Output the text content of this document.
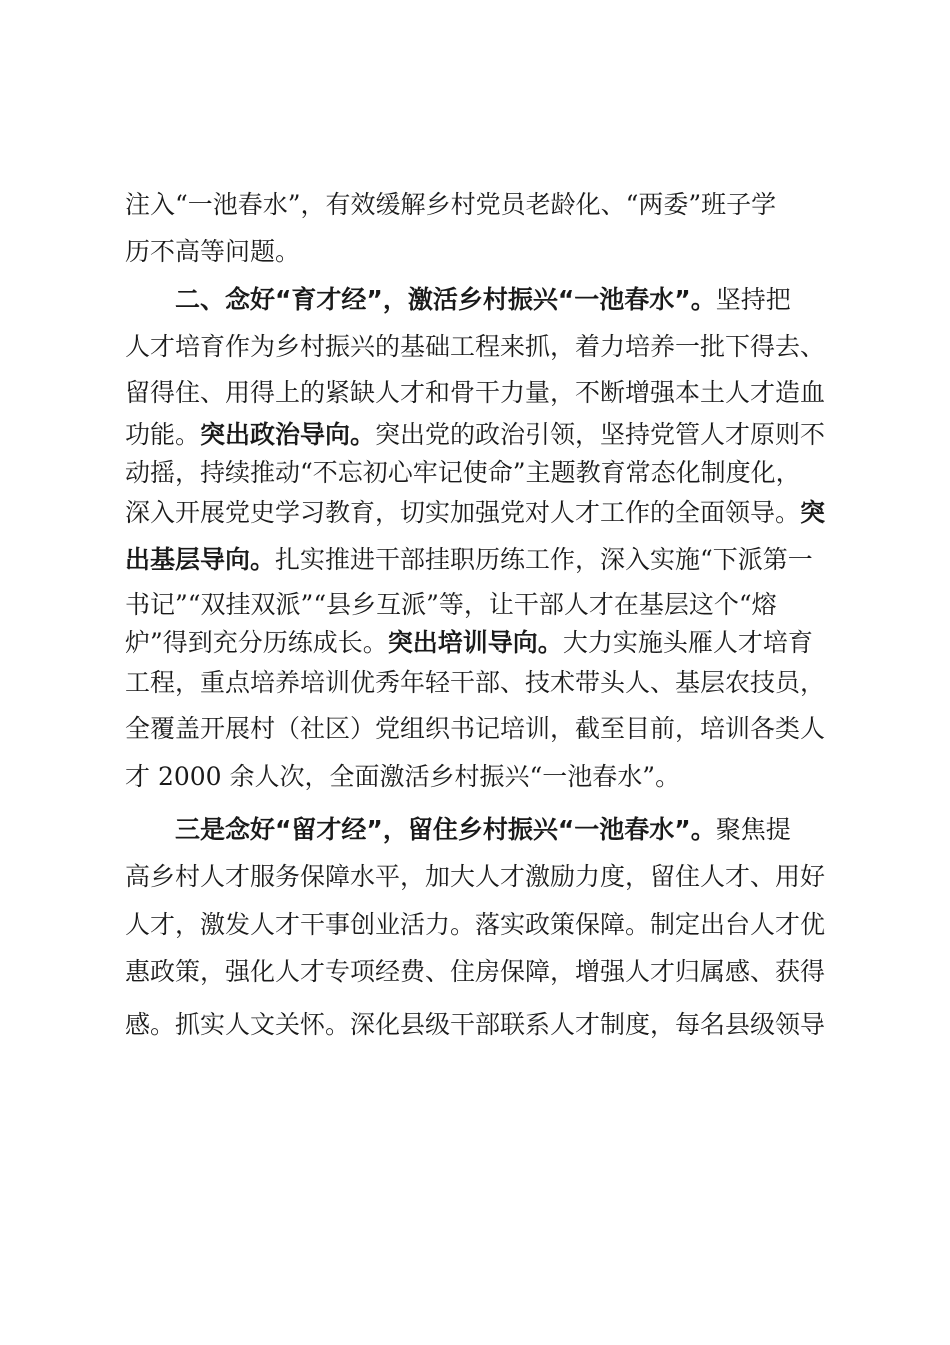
注入“一池春水”，有效缓解乡村党员老龄化、“两委”班子学
历不高等问题。
二、念好“育才经”，激活乡村振兴“一池春水”。坚持把
人才培育作为乡村振兴的基础工程来抓，着力培养一批下得去、
留得住、用得上的紧缺人才和骨干力量，不断增强本土人才造血
功能。突出政治导向。突出党的政治引领，坚持党管人才原则不
动摇，持续推动“不忘初心牢记使命”主题教育常态化制度化，
深入开展党史学习教育，切实加强党对人才工作的全面领导。突
出基层导向。扎实推进干部挂职历练工作，深入实施“下派第一
书记”“双挂双派”“县乡互派”等，让干部人才在基层这个“熔
炉”得到充分历练成长。突出培训导向。大力实施头雁人才培育
工程，重点培养培训优秀年轻干部、技术带头人、基层农技员，
全覆盖开展村（社区）党组织书记培训，截至目前，培训各类人
才 2000 余人次，全面激活乡村振兴“一池春水”。
三是念好“留才经”，留住乡村振兴“一池春水”。聚焦提
高乡村人才服务保障水平，加大人才激励力度，留住人才、用好
人才，激发人才干事创业活力。落实政策保障。制定出台人才优
惠政策，强化人才专项经费、住房保障，增强人才归属感、获得
感。抓实人文关怀。深化县级干部联系人才制度，每名县级领导
